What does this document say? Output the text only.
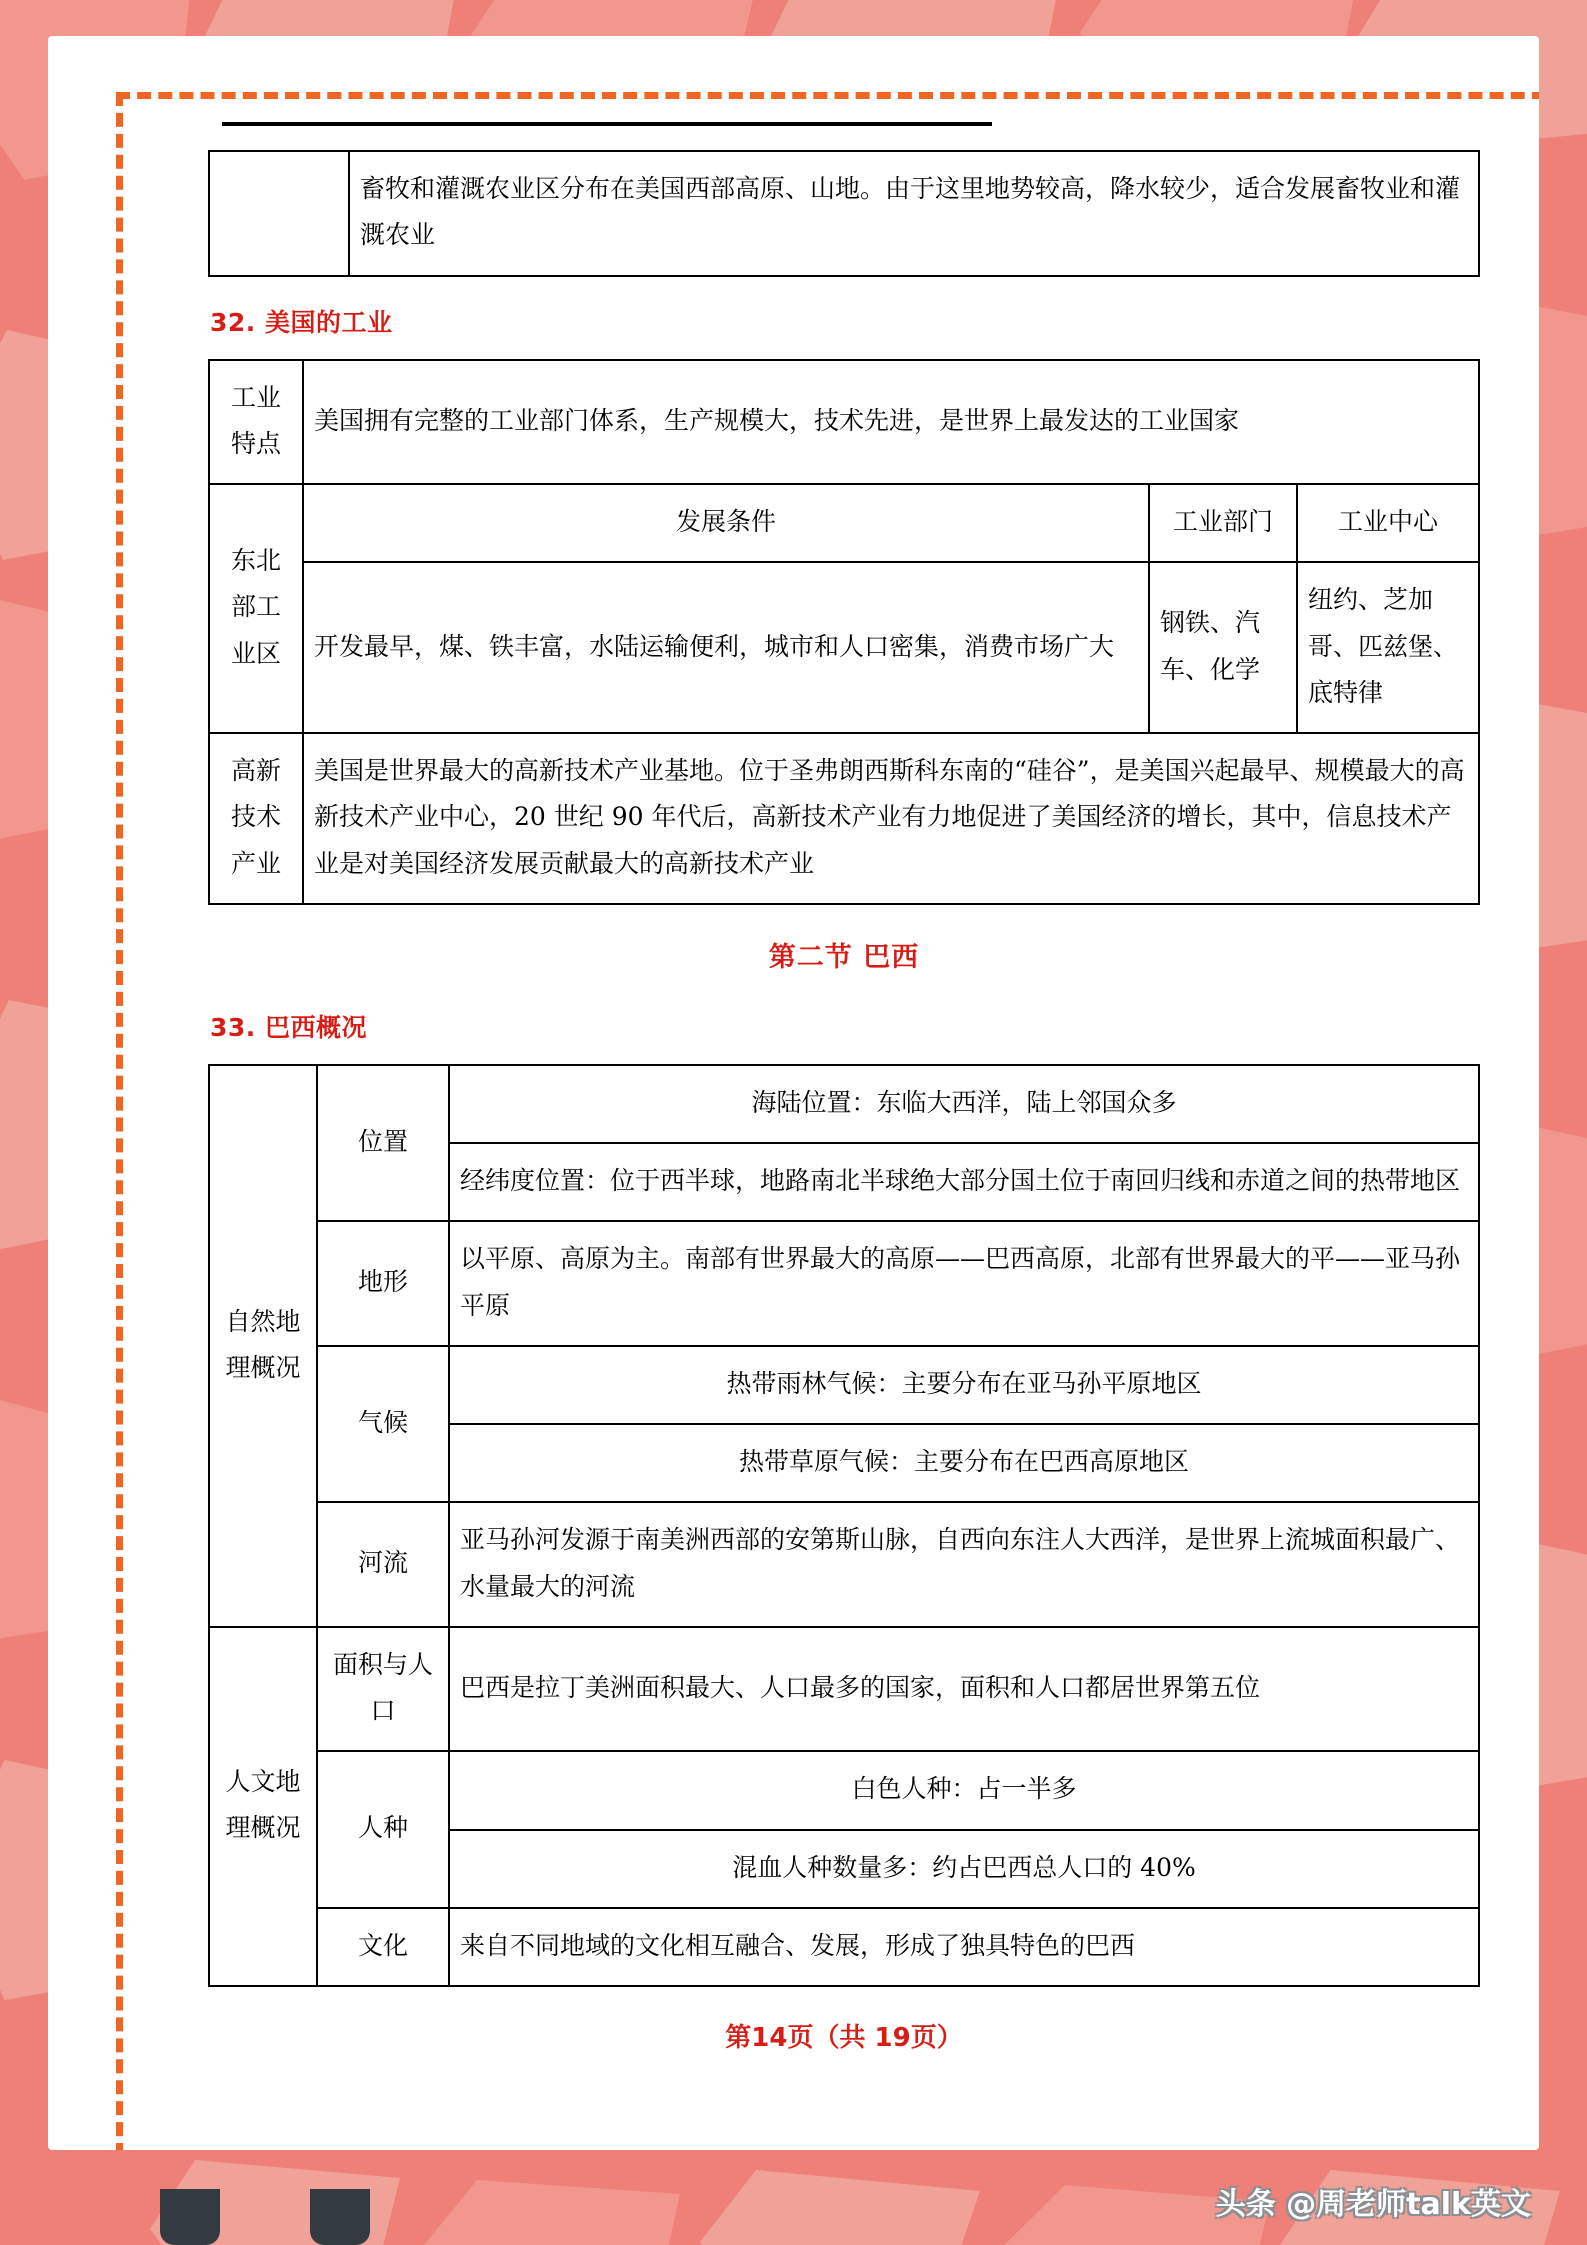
	畜牧和灌溉农业区分布在美国西部高原、山地。由于这里地势较高，降水较少，适合发展畜牧业和灌溉农业
32. 美国的工业
工业特点	美国拥有完整的工业部门体系，生产规模大，技术先进，是世界上最发达的工业国家		
东北部工业区	发展条件	工业部门	工业中心
	开发最早，煤、铁丰富，水陆运输便利，城市和人口密集，消费市场广大	钢铁、汽车、化学	纽约、芝加哥、匹兹堡、底特律
高新技术产业	美国是世界最大的高新技术产业基地。位于圣弗朗西斯科东南的“硅谷”，是美国兴起最早、规模最大的高新技术产业中心，20 世纪 90 年代后，高新技术产业有力地促进了美国经济的增长，其中，信息技术产业是对美国经济发展贡献最大的高新技术产业		
第二节 巴西
33. 巴西概况
自然地理概况	位置	海陆位置：东临大西洋，陆上邻国众多
		经纬度位置：位于西半球，地路南北半球绝大部分国土位于南回归线和赤道之间的热带地区
	地形	以平原、高原为主。南部有世界最大的高原——巴西高原，北部有世界最大的平——亚马孙平原
	气候	热带雨林气候：主要分布在亚马孙平原地区
		热带草原气候：主要分布在巴西高原地区
	河流	亚马孙河发源于南美洲西部的安第斯山脉，自西向东注人大西洋，是世界上流城面积最广、水量最大的河流
人文地理概况	面积与人口	巴西是拉丁美洲面积最大、人口最多的国家，面积和人口都居世界第五位
	人种	白色人种：占一半多
		混血人种数量多：约占巴西总人口的 40%
	文化	来自不同地域的文化相互融合、发展，形成了独具特色的巴西
第14页（共 19页）
头条 @周老师talk英文
